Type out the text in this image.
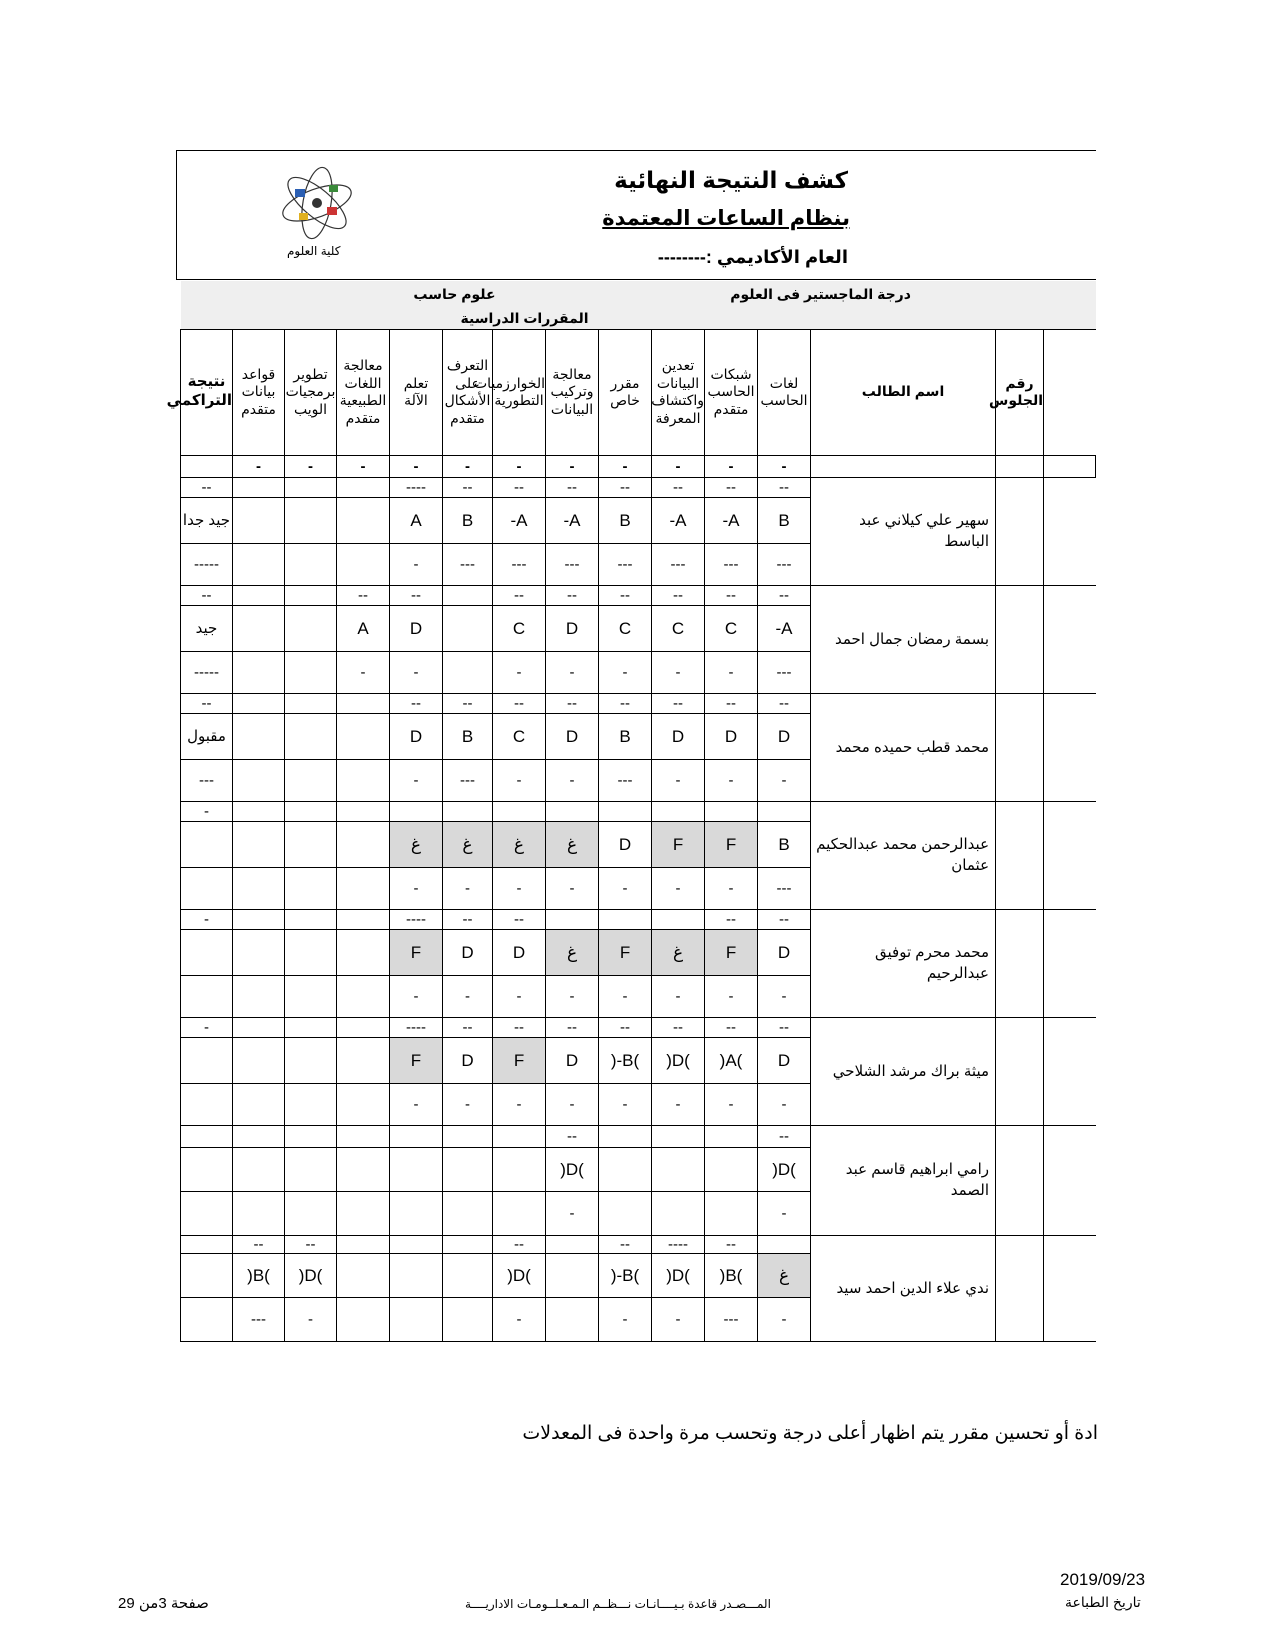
كلية العلوم
كشف النتيجة النهائية
بنظام الساعات المعتمدة
العام الأكاديمي :--------
علوم حاسب							درجة الماجستير فى العلوم							
المقررات الدراسية														
نتيجة التراكمي	قواعد بيانات متقدم	تطوير برمجيات الويب	معالجة اللغات الطبيعية متقدم	تعلم الآلة	التعرف على الأشكال متقدم	الخوارزميات التطورية	معالجة وتركيب البيانات	مقرر خاص	تعدين البيانات واكتشاف المعرفة	شبكات الحاسب متقدم	لغات الحاسب	اسم الطالب	رقم الجلوس	
	-	-	-	-	-	-	-	-	-	-	-			
--				----	--	--	--	--	--	--	--	سهير علي كيلاني عبد الباسط		
جيد جدا				A	B	-A	-A	B	-A	-A	B			
-----				-	---	---	---	---	---	---	---			
--			--	--		--	--	--	--	--	--	بسمة رمضان جمال احمد		
جيد			A	D		C	D	C	C	C	-A			
-----			-	-		-	-	-	-	-	---			
--				--	--	--	--	--	--	--	--	محمد قطب حميده محمد		
مقبول				D	B	C	D	B	D	D	D			
---				-	---	-	-	---	-	-	-			
-												عبدالرحمن محمد عبدالحكيم عثمان		
				غ	غ	غ	غ	D	F	F	B			
				-	-	-	-	-	-	-	---			
-				----	--	--				--	--	محمد محرم توفيق عبدالرحيم		
				F	D	D	غ	F	غ	F	D			
				-	-	-	-	-	-	-	-			
-				----	--	--	--	--	--	--	--	ميثة براك مرشد الشلاحي		
				F	D	F	D	)-B(	)D(	)A(	D			
				-	-	-	-	-	-	-	-			
							--				--	رامي ابراهيم قاسم عبد الصمد		
							)D(				)D(			
							-				-			
	--	--				--		--	----	--		ندي علاء الدين احمد سيد		
	)B(	)D(				)D(		)-B(	)D(	)B(	غ			
	---	-				-		-	-	---	-			
ادة أو تحسين مقرر يتم اظهار أعلى درجة وتحسب مرة واحدة فى المعدلات
2019/09/23
تاريخ الطباعة
صفحة 3من 29	المـــصـدر قاعدة بـيــــانـات نـــظــم الـمـعـلــومـات الاداريــــة
